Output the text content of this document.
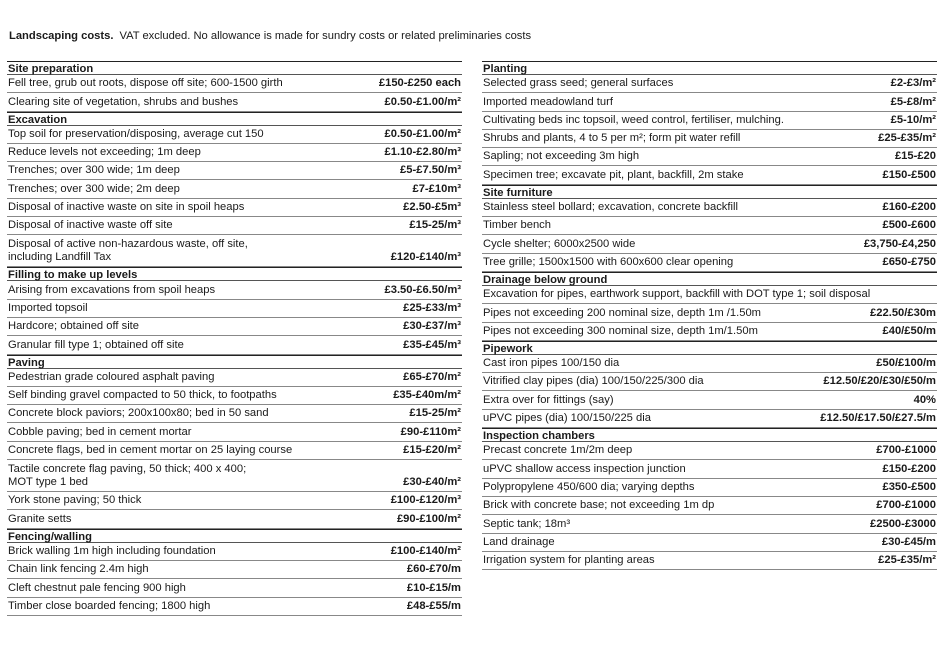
Landscaping costs. VAT excluded. No allowance is made for sundry costs or related preliminaries costs
Site preparation
Fell tree, grub out roots, dispose off site; 600-1500 girth	£150-£250 each
Clearing site of vegetation, shrubs and bushes	£0.50-£1.00/m²
Excavation
Top soil for preservation/disposing, average cut 150	£0.50-£1.00/m²
Reduce levels not exceeding; 1m deep	£1.10-£2.80/m³
Trenches; over 300 wide; 1m deep	£5-£7.50/m³
Trenches; over 300 wide; 2m deep	£7-£10m³
Disposal of inactive waste on site in spoil heaps	£2.50-£5m³
Disposal of inactive waste off site	£15-25/m³
Disposal of active non-hazardous waste, off site,
including Landfill Tax	£120-£140/m³
Filling to make up levels
Arising from excavations from spoil heaps	£3.50-£6.50/m³
Imported topsoil	£25-£33/m³
Hardcore; obtained off site	£30-£37/m³
Granular fill type 1; obtained off site	£35-£45/m³
Paving
Pedestrian grade coloured asphalt paving	£65-£70/m²
Self binding gravel compacted to 50 thick, to footpaths	£35-£40m/m²
Concrete block paviors; 200x100x80; bed in 50 sand	£15-25/m²
Cobble paving; bed in cement mortar	£90-£110m²
Concrete flags, bed in cement mortar on 25 laying course	£15-£20/m²
Tactile concrete flag paving, 50 thick; 400 x 400;
MOT type 1 bed	£30-£40/m²
York stone paving; 50 thick	£100-£120/m³
Granite setts	£90-£100/m²
Fencing/walling
Brick walling 1m high including foundation	£100-£140/m²
Chain link fencing 2.4m high	£60-£70/m
Cleft chestnut pale fencing 900 high	£10-£15/m
Timber close boarded fencing; 1800 high	£48-£55/m
Planting
Selected grass seed; general surfaces	£2-£3/m²
Imported meadowland turf	£5-£8/m²
Cultivating beds inc topsoil, weed control, fertiliser, mulching.	£5-10/m²
Shrubs and plants, 4 to 5 per m²; form pit water refill	£25-£35/m²
Sapling; not exceeding 3m high	£15-£20
Specimen tree; excavate pit, plant, backfill, 2m stake	£150-£500
Site furniture
Stainless steel bollard; excavation, concrete backfill	£160-£200
Timber bench	£500-£600
Cycle shelter; 6000x2500 wide	£3,750-£4,250
Tree grille; 1500x1500 with 600x600 clear opening	£650-£750
Drainage below ground
Excavation for pipes, earthwork support, backfill with DOT type 1; soil disposal
Pipes not exceeding 200 nominal size, depth 1m /1.50m	£22.50/£30m
Pipes not exceeding 300 nominal size, depth 1m/1.50m	£40/£50/m
Pipework
Cast iron pipes 100/150 dia	£50/£100/m
Vitrified clay pipes (dia) 100/150/225/300 dia	£12.50/£20/£30/£50/m
Extra over for fittings (say)	40%
uPVC pipes (dia) 100/150/225 dia	£12.50/£17.50/£27.5/m
Inspection chambers
Precast concrete 1m/2m deep	£700-£1000
uPVC shallow access inspection junction	£150-£200
Polypropylene 450/600 dia; varying depths	£350-£500
Brick with concrete base; not exceeding 1m dp	£700-£1000
Septic tank; 18m³	£2500-£3000
Land drainage	£30-£45/m
Irrigation system for planting areas	£25-£35/m²
